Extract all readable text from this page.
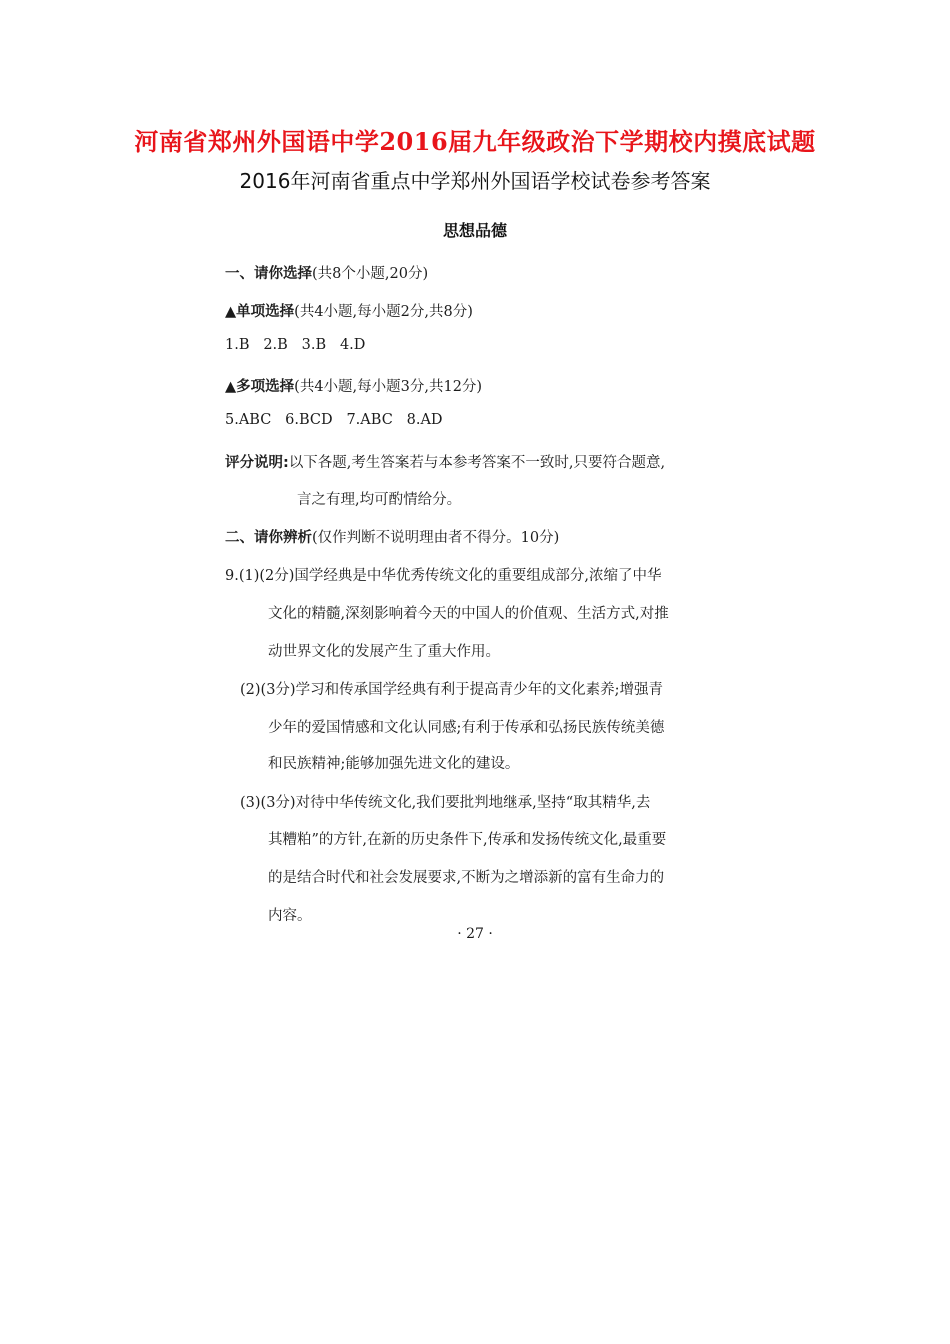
河南省郑州外国语中学2016届九年级政治下学期校内摸底试题
2016年河南省重点中学郑州外国语学校试卷参考答案
思想品德
一、请你选择(共8个小题,20分)
▲单项选择(共4小题,每小题2分,共8分)
1.B   2.B   3.B   4.D
▲多项选择(共4小题,每小题3分,共12分)
5.ABC   6.BCD   7.ABC   8.AD
评分说明:以下各题,考生答案若与本参考答案不一致时,只要符合题意,
言之有理,均可酌情给分。
二、请你辨析(仅作判断不说明理由者不得分。10分)
9.(1)(2分)国学经典是中华优秀传统文化的重要组成部分,浓缩了中华
文化的精髓,深刻影响着今天的中国人的价值观、生活方式,对推
动世界文化的发展产生了重大作用。
(2)(3分)学习和传承国学经典有利于提高青少年的文化素养;增强青
少年的爱国情感和文化认同感;有利于传承和弘扬民族传统美德
和民族精神;能够加强先进文化的建设。
(3)(3分)对待中华传统文化,我们要批判地继承,坚持“取其精华,去
其糟粕”的方针,在新的历史条件下,传承和发扬传统文化,最重要
的是结合时代和社会发展要求,不断为之增添新的富有生命力的
内容。
· 27 ·
